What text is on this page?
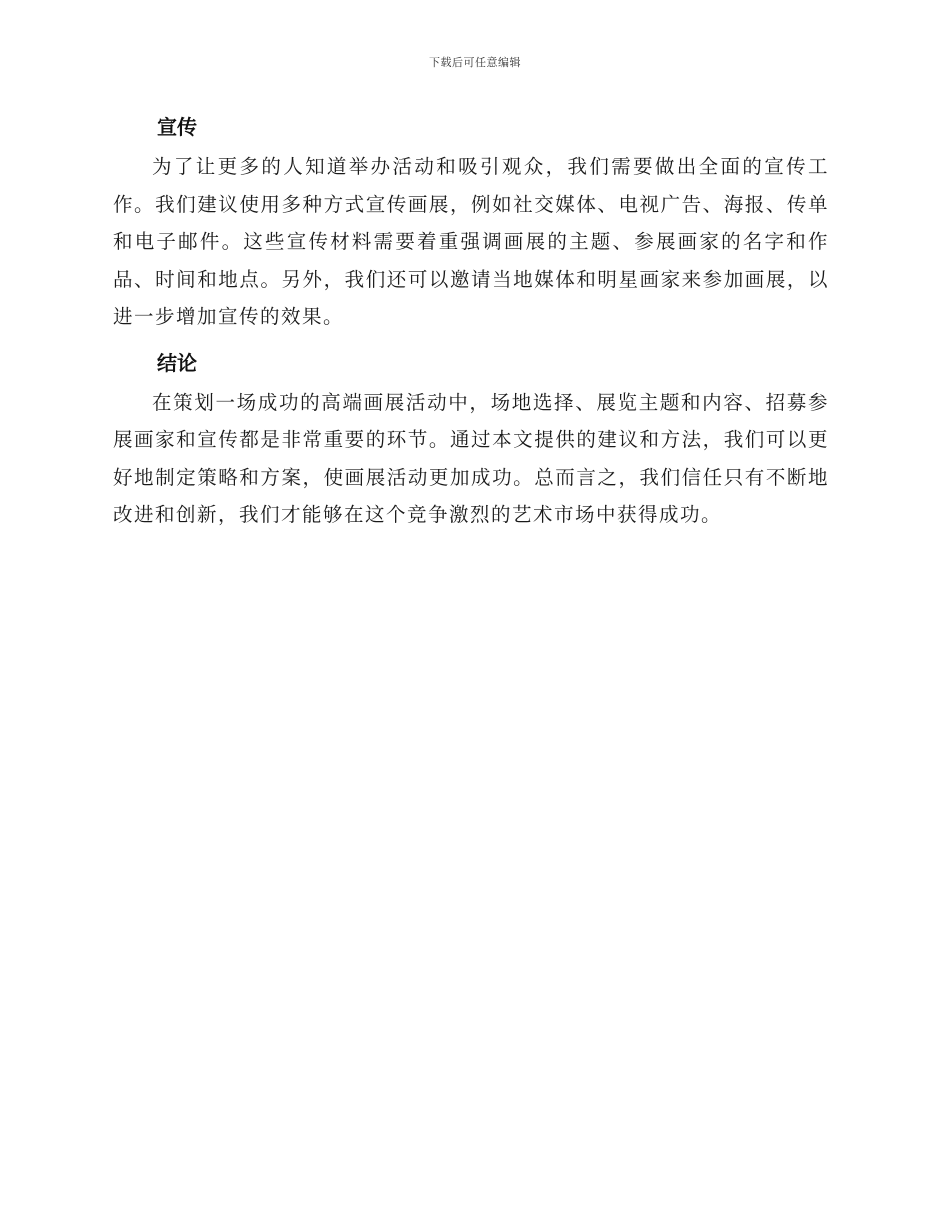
下载后可任意编辑
宣传

为了让更多的人知道举办活动和吸引观众，我们需要做出全面的宣传工作。我们建议使用多种方式宣传画展，例如社交媒体、电视广告、海报、传单和电子邮件。这些宣传材料需要着重强调画展的主题、参展画家的名字和作品、时间和地点。另外，我们还可以邀请当地媒体和明星画家来参加画展，以进一步增加宣传的效果。

结论

在策划一场成功的高端画展活动中，场地选择、展览主题和内容、招募参展画家和宣传都是非常重要的环节。通过本文提供的建议和方法，我们可以更好地制定策略和方案，使画展活动更加成功。总而言之，我们信任只有不断地改进和创新，我们才能够在这个竞争激烈的艺术市场中获得成功。
